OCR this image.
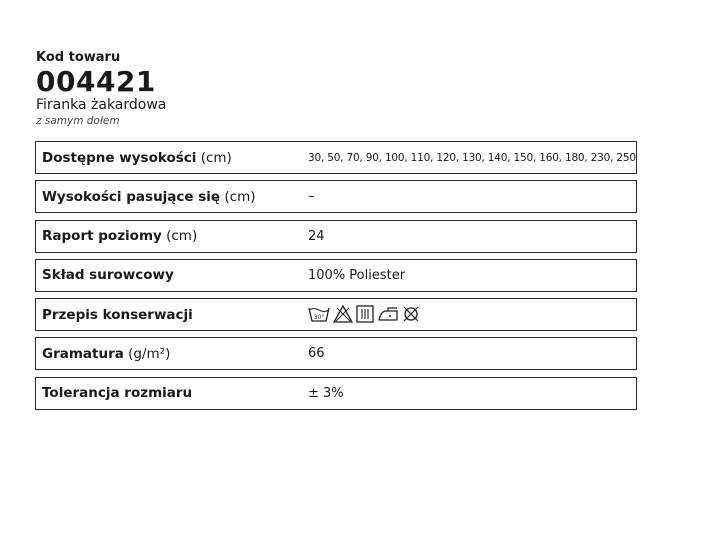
Kod towaru
004421
Firanka żakardowa
z samym dołem
Dostępne wysokości (cm)	30, 50, 70, 90, 100, 110, 120, 130, 140, 150, 160, 180, 230, 250
Wysokości pasujące się (cm)	–
Raport poziomy (cm)	24
Skład surowcowy	100% Poliester
Przepis konserwacji	30°
Gramatura (g/m²)	66
Tolerancja rozmiaru	± 3%
